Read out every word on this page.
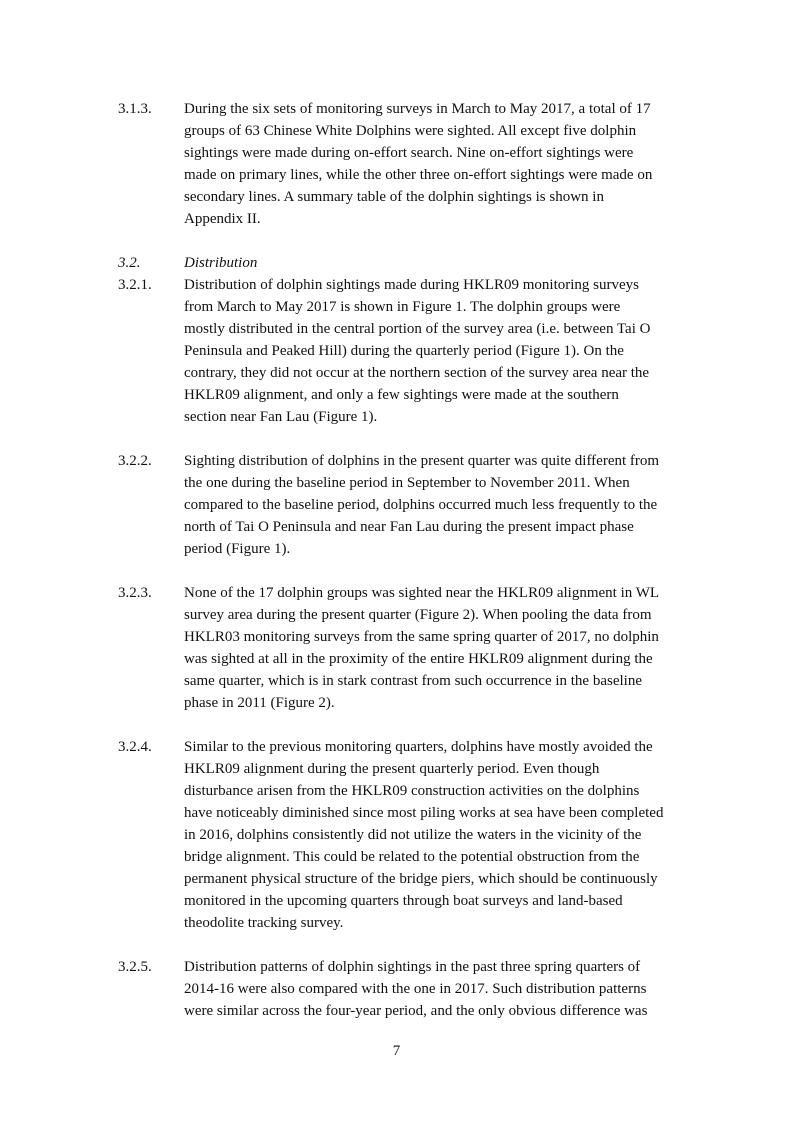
3.1.3.	During the six sets of monitoring surveys in March to May 2017, a total of 17
groups of 63 Chinese White Dolphins were sighted. All except five dolphin
sightings were made during on-effort search. Nine on-effort sightings were
made on primary lines, while the other three on-effort sightings were made on
secondary lines. A summary table of the dolphin sightings is shown in
Appendix II.
3.2.	Distribution
3.2.1.	Distribution of dolphin sightings made during HKLR09 monitoring surveys
from March to May 2017 is shown in Figure 1. The dolphin groups were
mostly distributed in the central portion of the survey area (i.e. between Tai O
Peninsula and Peaked Hill) during the quarterly period (Figure 1). On the
contrary, they did not occur at the northern section of the survey area near the
HKLR09 alignment, and only a few sightings were made at the southern
section near Fan Lau (Figure 1).
3.2.2.	Sighting distribution of dolphins in the present quarter was quite different from
the one during the baseline period in September to November 2011. When
compared to the baseline period, dolphins occurred much less frequently to the
north of Tai O Peninsula and near Fan Lau during the present impact phase
period (Figure 1).
3.2.3.	None of the 17 dolphin groups was sighted near the HKLR09 alignment in WL
survey area during the present quarter (Figure 2). When pooling the data from
HKLR03 monitoring surveys from the same spring quarter of 2017, no dolphin
was sighted at all in the proximity of the entire HKLR09 alignment during the
same quarter, which is in stark contrast from such occurrence in the baseline
phase in 2011 (Figure 2).
3.2.4.	Similar to the previous monitoring quarters, dolphins have mostly avoided the
HKLR09 alignment during the present quarterly period. Even though
disturbance arisen from the HKLR09 construction activities on the dolphins
have noticeably diminished since most piling works at sea have been completed
in 2016, dolphins consistently did not utilize the waters in the vicinity of the
bridge alignment. This could be related to the potential obstruction from the
permanent physical structure of the bridge piers, which should be continuously
monitored in the upcoming quarters through boat surveys and land-based
theodolite tracking survey.
3.2.5.	Distribution patterns of dolphin sightings in the past three spring quarters of
2014-16 were also compared with the one in 2017. Such distribution patterns
were similar across the four-year period, and the only obvious difference was
7
